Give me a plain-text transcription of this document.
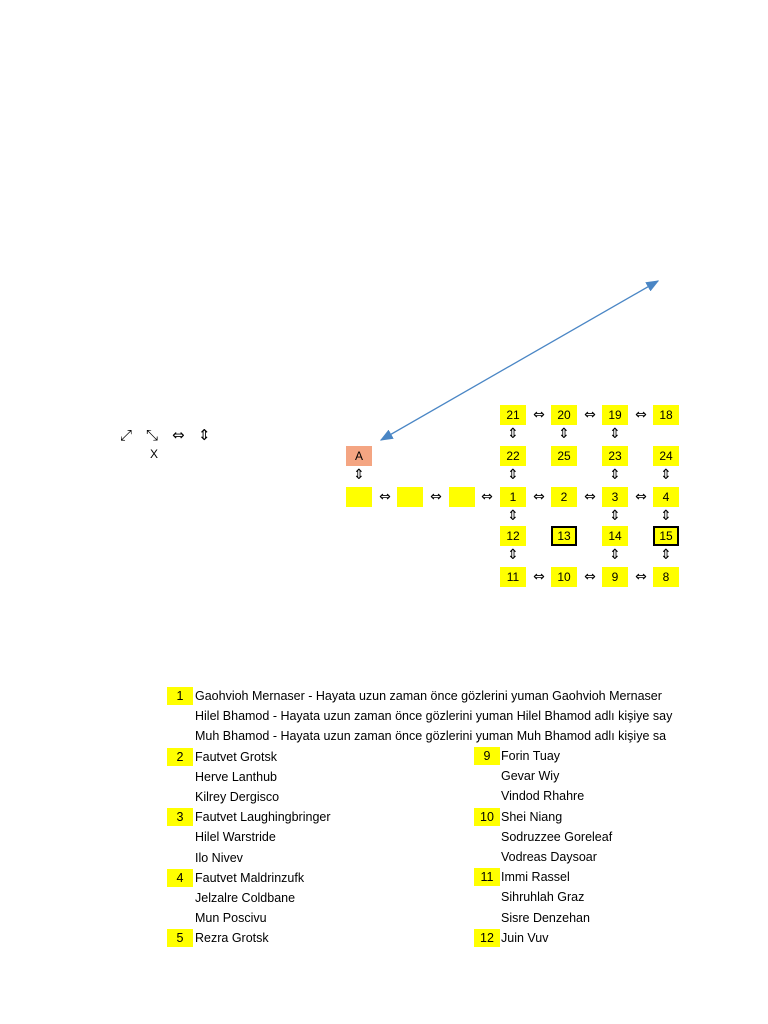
⤢ ⤡ ⇔ ⇕
X	A
⇕
⇔	⇔	⇔
21 ⇔	20 ⇔	19 ⇔	18
⇕	⇕	⇕
22	25	23	24
⇕	⇕	⇕
1	⇔	2	⇔	3	⇔	4
⇕	⇕	⇕
12	13	14	15
⇕	⇕	⇕
11 ⇔	10 ⇔	9	⇔	8
1 Gaohvioh Mernaser - Hayata uzun zaman önce gözlerini yuman Gaohvioh Mernaser
Hilel Bhamod - Hayata uzun zaman önce gözlerini yuman Hilel Bhamod adlı kişiye say
Muh Bhamod - Hayata uzun zaman önce gözlerini yuman Muh Bhamod adlı kişiye sa
2 Fautvet Grotsk
Herve Lanthub
Kilrey Dergisco
3 Fautvet Laughingbringer
Hilel Warstride
Ilo Nivev
4 Fautvet Maldrinzufk
Jelzalre Coldbane
Mun Poscivu
5 Rezra Grotsk
9 Forin Tuay
Gevar Wiy
Vindod Rhahre
10 Shei Niang
Sodruzzee Goreleaf
Vodreas Daysoar
11 Immi Rassel
Sihruhlah Graz
Sisre Denzehan
12 Juin Vuv
